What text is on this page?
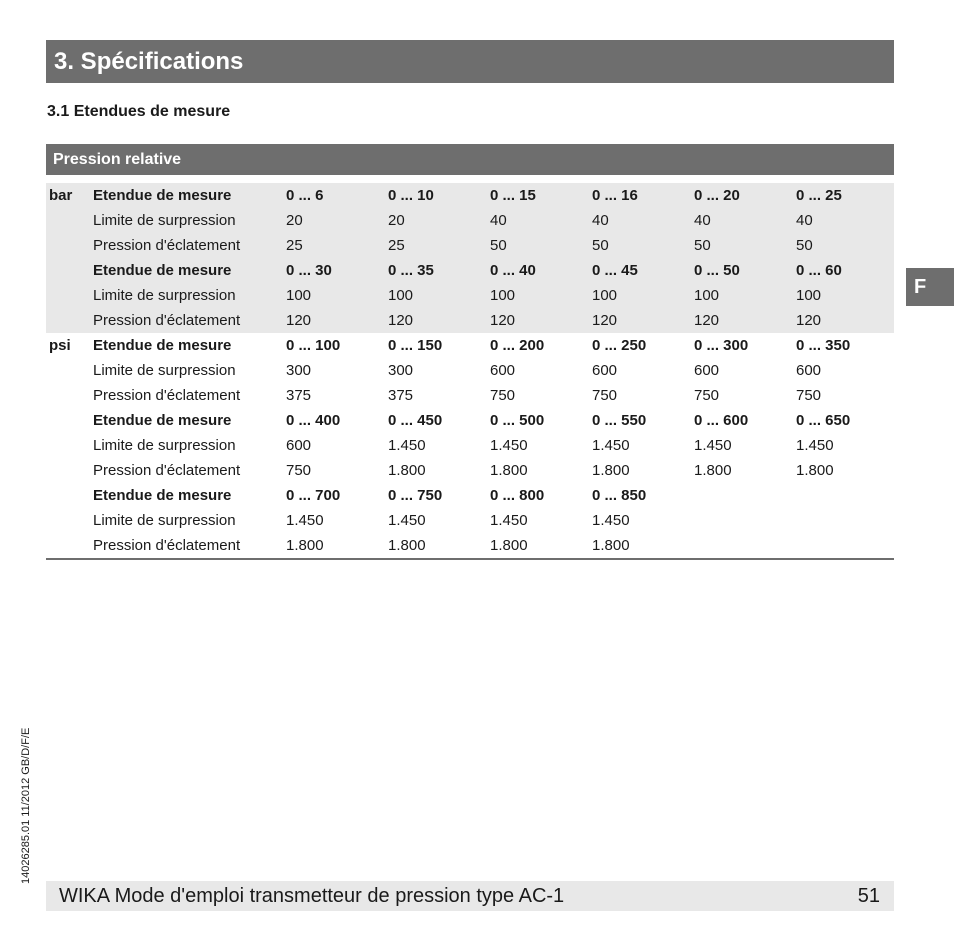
3. Spécifications
3.1 Etendues de mesure
Pression relative
bar	Etendue de mesure	0 ... 6	0 ... 10	0 ... 15	0 ... 16	0 ... 20	0 ... 25
	Limite de surpression	20	20	40	40	40	40
	Pression d'éclatement	25	25	50	50	50	50
	Etendue de mesure	0 ... 30	0 ... 35	0 ... 40	0 ... 45	0 ... 50	0 ... 60
	Limite de surpression	100	100	100	100	100	100
	Pression d'éclatement	120	120	120	120	120	120
psi	Etendue de mesure	0 ... 100	0 ... 150	0 ... 200	0 ... 250	0 ... 300	0 ... 350
	Limite de surpression	300	300	600	600	600	600
	Pression d'éclatement	375	375	750	750	750	750
	Etendue de mesure	0 ... 400	0 ... 450	0 ... 500	0 ... 550	0 ... 600	0 ... 650
	Limite de surpression	600	1.450	1.450	1.450	1.450	1.450
	Pression d'éclatement	750	1.800	1.800	1.800	1.800	1.800
	Etendue de mesure	0 ... 700	0 ... 750	0 ... 800	0 ... 850		
	Limite de surpression	1.450	1.450	1.450	1.450		
	Pression d'éclatement	1.800	1.800	1.800	1.800		
F
14026285.01 11/2012 GB/D/F/E
WIKA Mode d'emploi transmetteur de pression type AC-1	51
